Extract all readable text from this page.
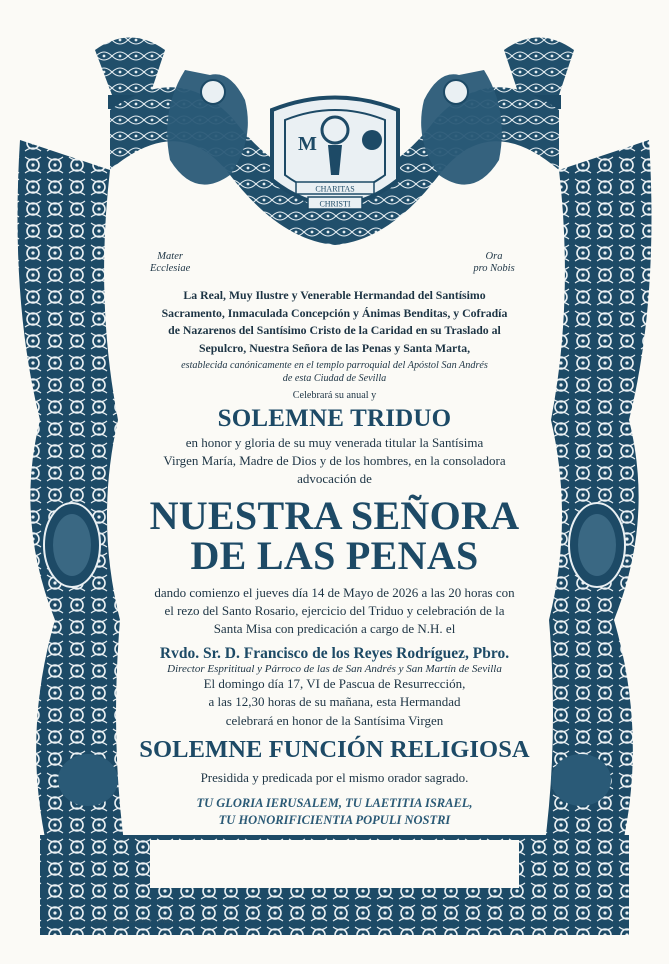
M
CHARITAS
CHRISTI
Mater
Ecclesiae
Ora
pro Nobis

La Real, Muy Ilustre y Venerable Hermandad del Santísimo
Sacramento, Inmaculada Concepción y Ánimas Benditas, y Cofradía
de Nazarenos del Santísimo Cristo de la Caridad en su Traslado al
Sepulcro, Nuestra Señora de las Penas y Santa Marta,

establecida canónicamente en el templo parroquial del Apóstol San Andrés
de esta Ciudad de Sevilla

Celebrará su anual y

SOLEMNE TRIDUO

en honor y gloria de su muy venerada titular la Santísima
Virgen María, Madre de Dios y de los hombres, en la consoladora
advocación de

NUESTRA SEÑORA
DE LAS PENAS

dando comienzo el jueves día 14 de Mayo de 2026 a las 20 horas con
el rezo del Santo Rosario, ejercicio del Triduo y celebración de la
Santa Misa con predicación a cargo de N.H. el

Rvdo. Sr. D. Francisco de los Reyes Rodríguez, Pbro.
Director Esprititual y Párroco de las de San Andrés y San Martín de Sevilla

El domingo día 17, VI de Pascua de Resurrección,
a las 12,30 horas de su mañana, esta Hermandad
celebrará en honor de la Santísima Virgen

SOLEMNE FUNCIÓN RELIGIOSA

Presidida y predicada por el mismo orador sagrado.

TU GLORIA IERUSALEM, TU LAETITIA ISRAEL,
TU HONORIFICIENTIA POPULI NOSTRI

Cayetano González · Dibujo
